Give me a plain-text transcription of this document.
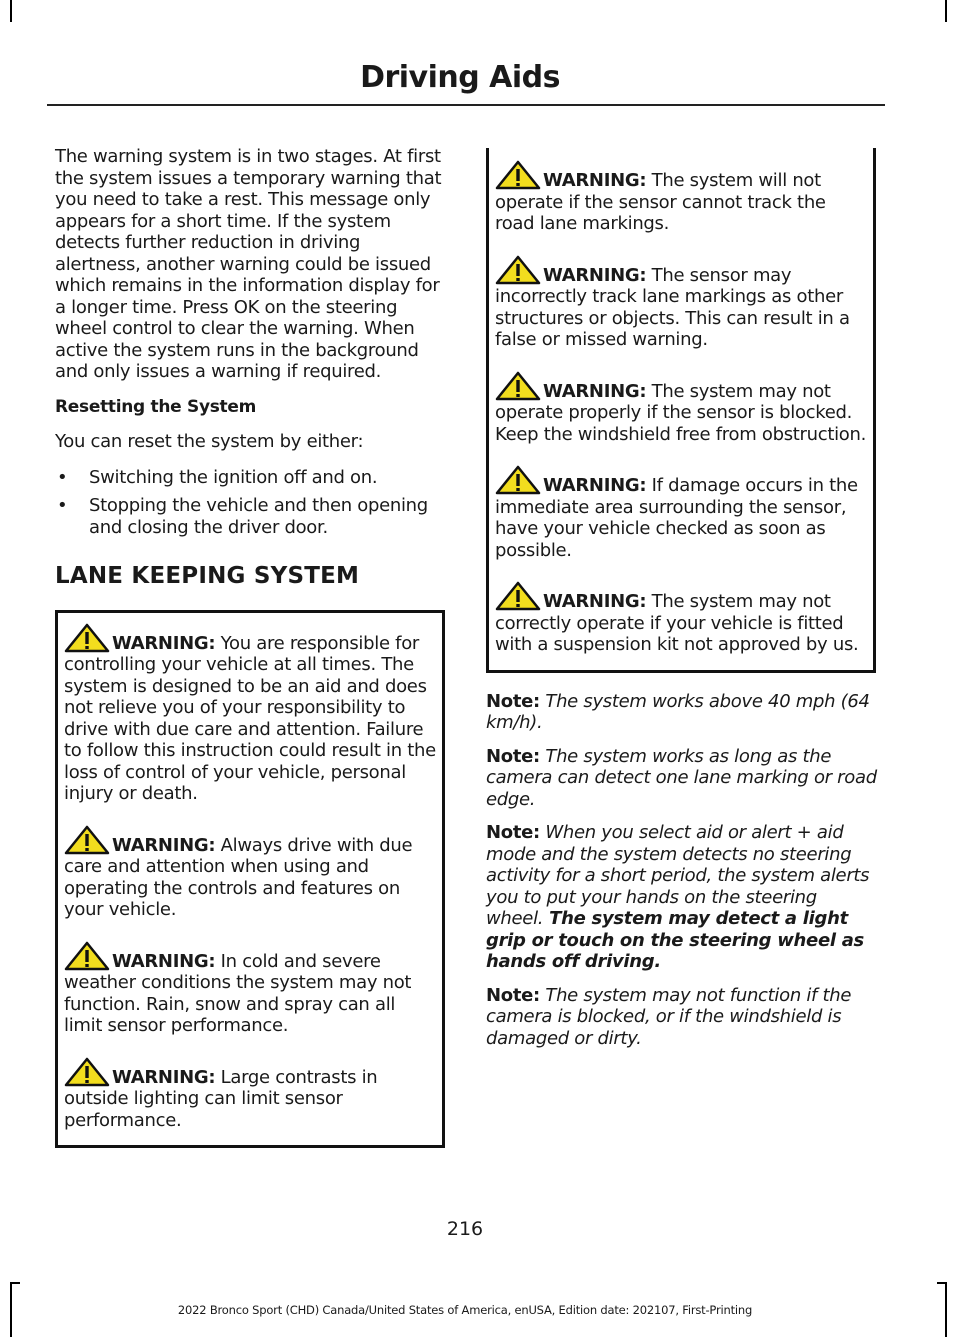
Driving Aids

The warning system is in two stages. At first the system issues a temporary warning that you need to take a rest. This message only appears for a short time. If the system detects further reduction in driving alertness, another warning could be issued which remains in the information display for a longer time. Press OK on the steering wheel control to clear the warning. When active the system runs in the background and only issues a warning if required.

Resetting the System

You can reset the system by either:

• Switching the ignition off and on.
• Stopping the vehicle and then opening and closing the driver door.

LANE KEEPING SYSTEM

WARNING: You are responsible for controlling your vehicle at all times. The system is designed to be an aid and does not relieve you of your responsibility to drive with due care and attention. Failure to follow this instruction could result in the loss of control of your vehicle, personal injury or death.
WARNING: Always drive with due care and attention when using and operating the controls and features on your vehicle.
WARNING: In cold and severe weather conditions the system may not function. Rain, snow and spray can all limit sensor performance.
WARNING: Large contrasts in outside lighting can limit sensor performance.
WARNING: The system will not operate if the sensor cannot track the road lane markings.
WARNING: The sensor may incorrectly track lane markings as other structures or objects. This can result in a false or missed warning.
WARNING: The system may not operate properly if the sensor is blocked. Keep the windshield free from obstruction.
WARNING: If damage occurs in the immediate area surrounding the sensor, have your vehicle checked as soon as possible.
WARNING: The system may not correctly operate if your vehicle is fitted with a suspension kit not approved by us.

Note: The system works above 40 mph (64 km/h).

Note: The system works as long as the camera can detect one lane marking or road edge.

Note: When you select aid or alert + aid mode and the system detects no steering activity for a short period, the system alerts you to put your hands on the steering wheel. The system may detect a light grip or touch on the steering wheel as hands off driving.

Note: The system may not function if the camera is blocked, or if the windshield is damaged or dirty.

216
2022 Bronco Sport (CHD) Canada/United States of America, enUSA, Edition date: 202107, First-Printing
